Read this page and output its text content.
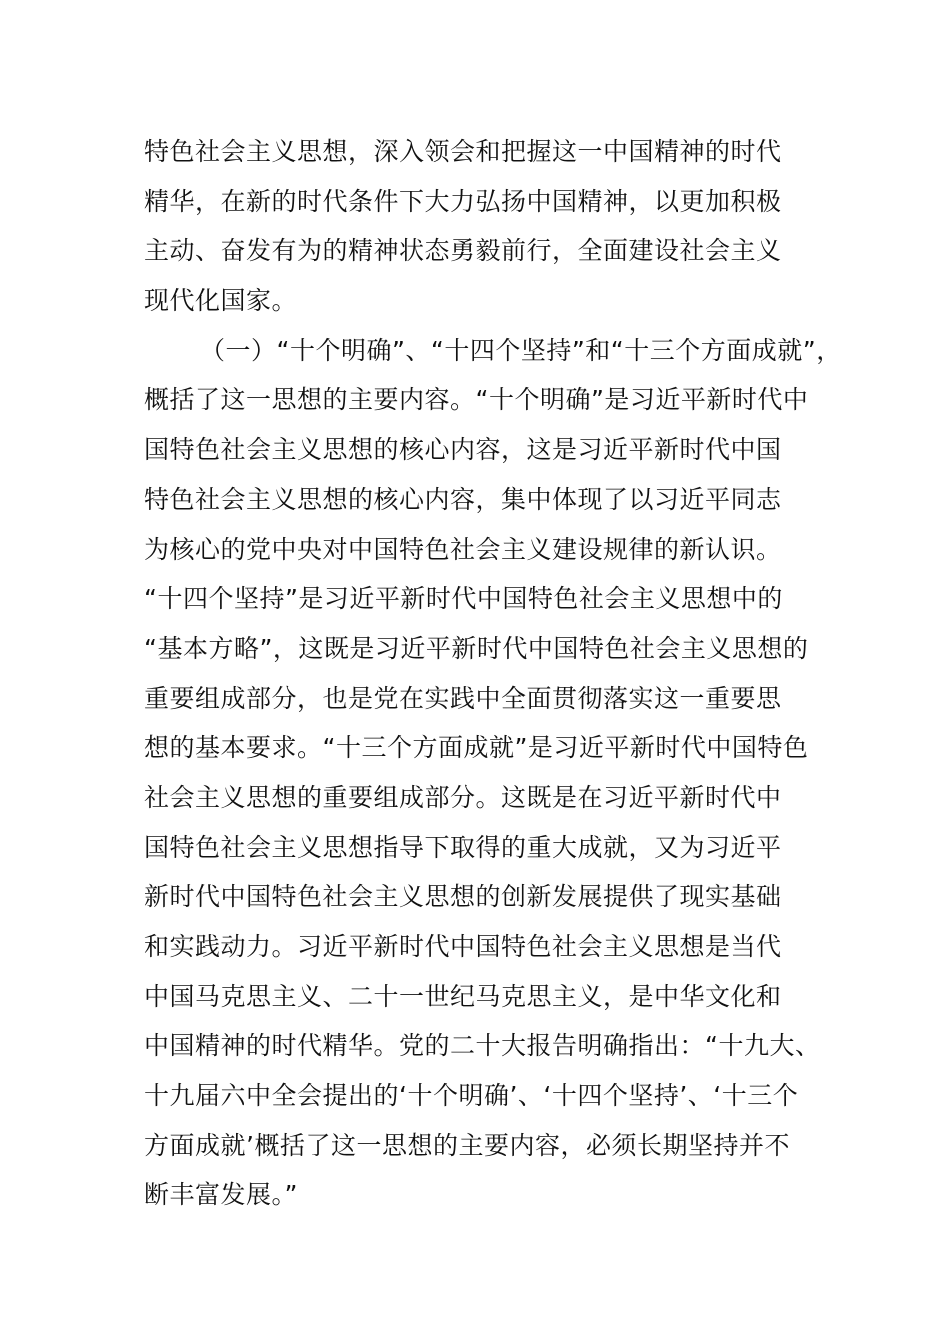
特色社会主义思想，深入领会和把握这一中国精神的时代
精华，在新的时代条件下大力弘扬中国精神，以更加积极
主动、奋发有为的精神状态勇毅前行，全面建设社会主义
现代化国家。
（一）“十个明确”、“十四个坚持”和“十三个方面成就”，
概括了这一思想的主要内容。“十个明确”是习近平新时代中
国特色社会主义思想的核心内容，这是习近平新时代中国
特色社会主义思想的核心内容，集中体现了以习近平同志
为核心的党中央对中国特色社会主义建设规律的新认识。
“十四个坚持”是习近平新时代中国特色社会主义思想中的
“基本方略”，这既是习近平新时代中国特色社会主义思想的
重要组成部分，也是党在实践中全面贯彻落实这一重要思
想的基本要求。“十三个方面成就”是习近平新时代中国特色
社会主义思想的重要组成部分。这既是在习近平新时代中
国特色社会主义思想指导下取得的重大成就，又为习近平
新时代中国特色社会主义思想的创新发展提供了现实基础
和实践动力。习近平新时代中国特色社会主义思想是当代
中国马克思主义、二十一世纪马克思主义，是中华文化和
中国精神的时代精华。党的二十大报告明确指出：“十九大、
十九届六中全会提出的‘十个明确’、‘十四个坚持’、‘十三个
方面成就’概括了这一思想的主要内容，必须长期坚持并不
断丰富发展。”
